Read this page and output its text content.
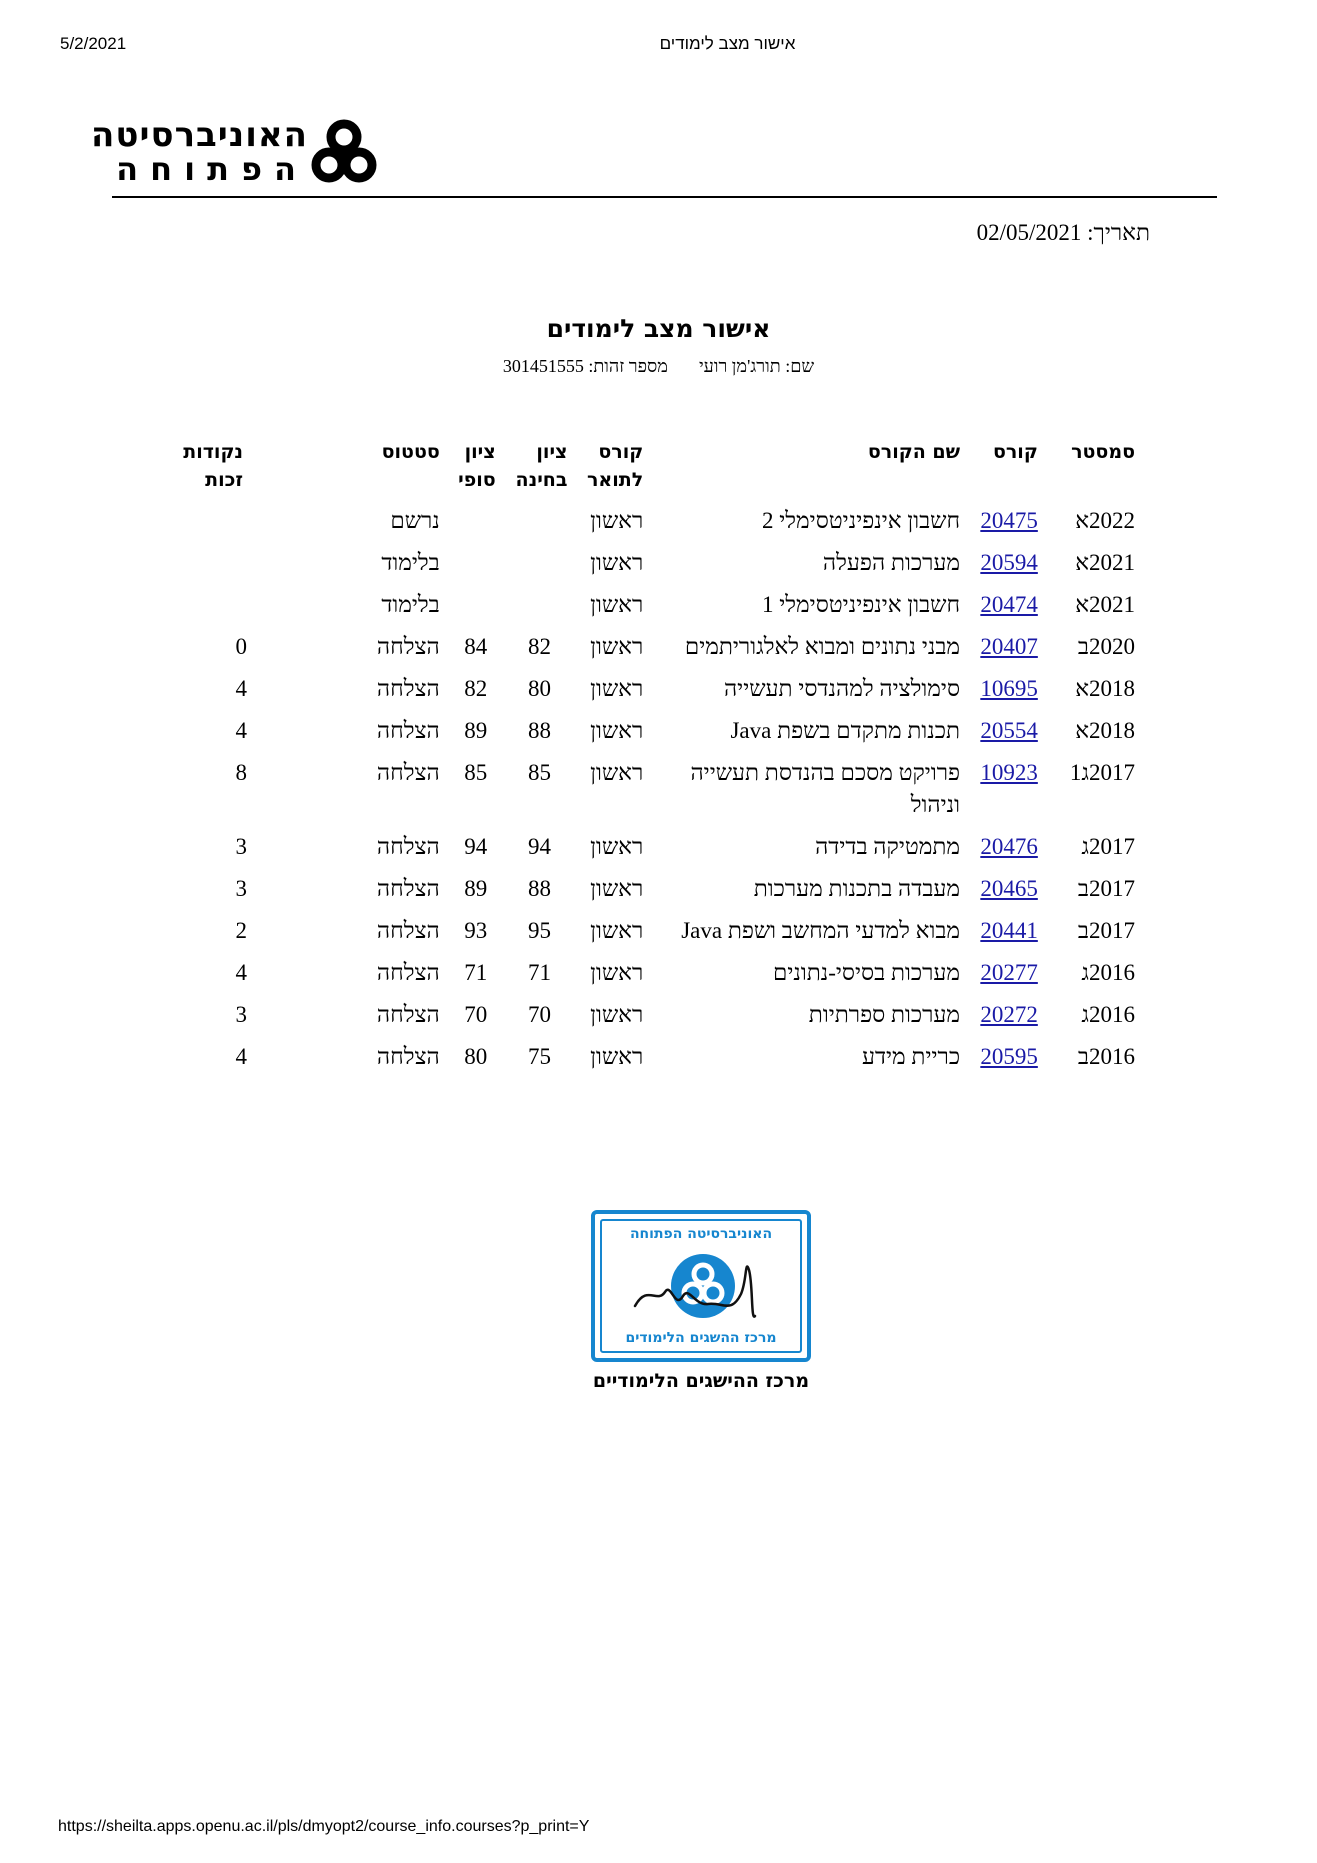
5/2/2021	אישור מצב לימודים
האוניברסיטה
הפתוחה
תאריך: 02/05/2021
אישור מצב לימודים
שם: תורג'מן רועי  מספר זהות: 301451555
סמסטר	קורס	שם הקורס	קורס
לתואר	ציון
בחינה	ציון
סופי	סטטוס		נקודות
זכות
2022א	20475	חשבון אינפיניטסימלי 2	ראשון			נרשם		
2021א	20594	מערכות הפעלה	ראשון			בלימוד		
2021א	20474	חשבון אינפיניטסימלי 1	ראשון			בלימוד		
2020ב	20407	מבני נתונים ומבוא לאלגוריתמים	ראשון	82	84	הצלחה		0
2018א	10695	סימולציה למהנדסי תעשייה	ראשון	80	82	הצלחה		4
2018א	20554	תכנות מתקדם בשפת Java	ראשון	88	89	הצלחה		4
2017ג1	10923	פרויקט מסכם בהנדסת תעשייה וניהול	ראשון	85	85	הצלחה		8
2017ג	20476	מתמטיקה בדידה	ראשון	94	94	הצלחה		3
2017ב	20465	מעבדה בתכנות מערכות	ראשון	88	89	הצלחה		3
2017ב	20441	מבוא למדעי המחשב ושפת Java	ראשון	95	93	הצלחה		2
2016ג	20277	מערכות בסיסי-נתונים	ראשון	71	71	הצלחה		4
2016ג	20272	מערכות ספרתיות	ראשון	70	70	הצלחה		3
2016ב	20595	כריית מידע	ראשון	75	80	הצלחה		4
האוניברסיטה הפתוחה
מרכז ההשגים הלימודים
מרכז ההישגים הלימודיים
https://sheilta.apps.openu.ac.il/pls/dmyopt2/course_info.courses?p_print=Y
